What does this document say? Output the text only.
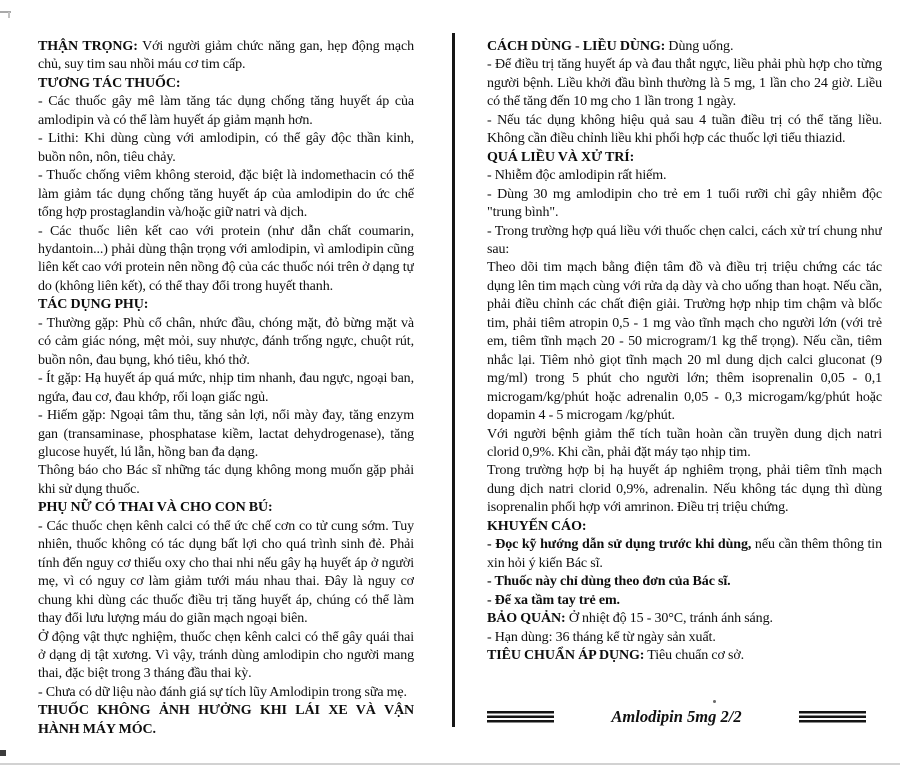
THẬN TRỌNG: Với người giảm chức năng gan, hẹp động mạch chủ, suy tim sau nhồi máu cơ tim cấp.

TƯƠNG TÁC THUỐC:

- Các thuốc gây mê làm tăng tác dụng chống tăng huyết áp của amlodipin và có thể làm huyết áp giảm mạnh hơn.

- Lithi: Khi dùng cùng với amlodipin, có thể gây độc thần kinh, buồn nôn, nôn, tiêu chảy.

- Thuốc chống viêm không steroid, đặc biệt là indomethacin có thể làm giảm tác dụng chống tăng huyết áp của amlodipin do ức chế tổng hợp prostaglandin và/hoặc giữ natri và dịch.

- Các thuốc liên kết cao với protein (như dẫn chất coumarin, hydantoin...) phải dùng thận trọng với amlodipin, vì amlodipin cũng liên kết cao với protein nên nồng độ của các thuốc nói trên ở dạng tự do (không liên kết), có thể thay đổi trong huyết thanh.

TÁC DỤNG PHỤ:

- Thường gặp: Phù cổ chân, nhức đầu, chóng mặt, đỏ bừng mặt và có cảm giác nóng, mệt mỏi, suy nhược, đánh trống ngực, chuột rút, buồn nôn, đau bụng, khó tiêu, khó thở.

- Ít gặp: Hạ huyết áp quá mức, nhịp tim nhanh, đau ngực, ngoại ban, ngứa, đau cơ, đau khớp, rối loạn giấc ngủ.

- Hiếm gặp: Ngoại tâm thu, tăng sản lợi, nổi mày đay, tăng enzym gan (transaminase, phosphatase kiềm, lactat dehydrogenase), tăng glucose huyết, lú lẫn, hồng ban đa dạng.

Thông báo cho Bác sĩ những tác dụng không mong muốn gặp phải khi sử dụng thuốc.

PHỤ NỮ CÓ THAI VÀ CHO CON BÚ:

- Các thuốc chẹn kênh calci có thể ức chế cơn co tử cung sớm. Tuy nhiên, thuốc không có tác dụng bất lợi cho quá trình sinh đẻ. Phải tính đến nguy cơ thiếu oxy cho thai nhi nếu gây hạ huyết áp ở người mẹ, vì có nguy cơ làm giảm tưới máu nhau thai. Đây là nguy cơ chung khi dùng các thuốc điều trị tăng huyết áp, chúng có thể làm thay đổi lưu lượng máu do giãn mạch ngoại biên.

Ở động vật thực nghiệm, thuốc chẹn kênh calci có thể gây quái thai ở dạng dị tật xương. Vì vậy, tránh dùng amlodipin cho người mang thai, đặc biệt trong 3 tháng đầu thai kỳ.

- Chưa có dữ liệu nào đánh giá sự tích lũy Amlodipin trong sữa mẹ.

THUỐC KHÔNG ẢNH HƯỞNG KHI LÁI XE VÀ VẬN HÀNH MÁY MÓC.

CÁCH DÙNG - LIỀU DÙNG: Dùng uống.

- Để điều trị tăng huyết áp và đau thắt ngực, liều phải phù hợp cho từng người bệnh. Liều khởi đầu bình thường là 5 mg, 1 lần cho 24 giờ. Liều có thể tăng đến 10 mg cho 1 lần trong 1 ngày.

- Nếu tác dụng không hiệu quả sau 4 tuần điều trị có thể tăng liều. Không cần điều chỉnh liều khi phối hợp các thuốc lợi tiểu thiazid.

QUÁ LIỀU VÀ XỬ TRÍ:

- Nhiễm độc amlodipin rất hiếm.

- Dùng 30 mg amlodipin cho trẻ em 1 tuổi rưỡi chỉ gây nhiễm độc "trung bình".

- Trong trường hợp quá liều với thuốc chẹn calci, cách xử trí chung như sau:

Theo dõi tim mạch bằng điện tâm đồ và điều trị triệu chứng các tác dụng lên tim mạch cùng với rửa dạ dày và cho uống than hoạt. Nếu cần, phải điều chỉnh các chất điện giải. Trường hợp nhịp tim chậm và blốc tim, phải tiêm atropin 0,5 - 1 mg vào tĩnh mạch cho người lớn (với trẻ em, tiêm tĩnh mạch 20 - 50 microgram/1 kg thể trọng). Nếu cần, tiêm nhắc lại. Tiêm nhỏ giọt tĩnh mạch 20 ml dung dịch calci gluconat (9 mg/ml) trong 5 phút cho người lớn; thêm isoprenalin 0,05 - 0,1 microgam/kg/phút hoặc adrenalin 0,05 - 0,3 microgam/kg/phút hoặc dopamin 4 - 5 microgam /kg/phút.

Với người bệnh giảm thể tích tuần hoàn cần truyền dung dịch natri clorid 0,9%. Khi cần, phải đặt máy tạo nhịp tim.

Trong trường hợp bị hạ huyết áp nghiêm trọng, phải tiêm tĩnh mạch dung dịch natri clorid 0,9%, adrenalin. Nếu không tác dụng thì dùng isoprenalin phối hợp với amrinon. Điều trị triệu chứng.

KHUYẾN CÁO:

- Đọc kỹ hướng dẫn sử dụng trước khi dùng, nếu cần thêm thông tin xin hỏi ý kiến Bác sĩ.

- Thuốc này chỉ dùng theo đơn của Bác sĩ.

- Để xa tầm tay trẻ em.

BẢO QUẢN: Ở nhiệt độ 15 - 30°C, tránh ánh sáng.

- Hạn dùng: 36 tháng kể từ ngày sản xuất.

TIÊU CHUẨN ÁP DỤNG: Tiêu chuẩn cơ sở.

Amlodipin 5mg 2/2
